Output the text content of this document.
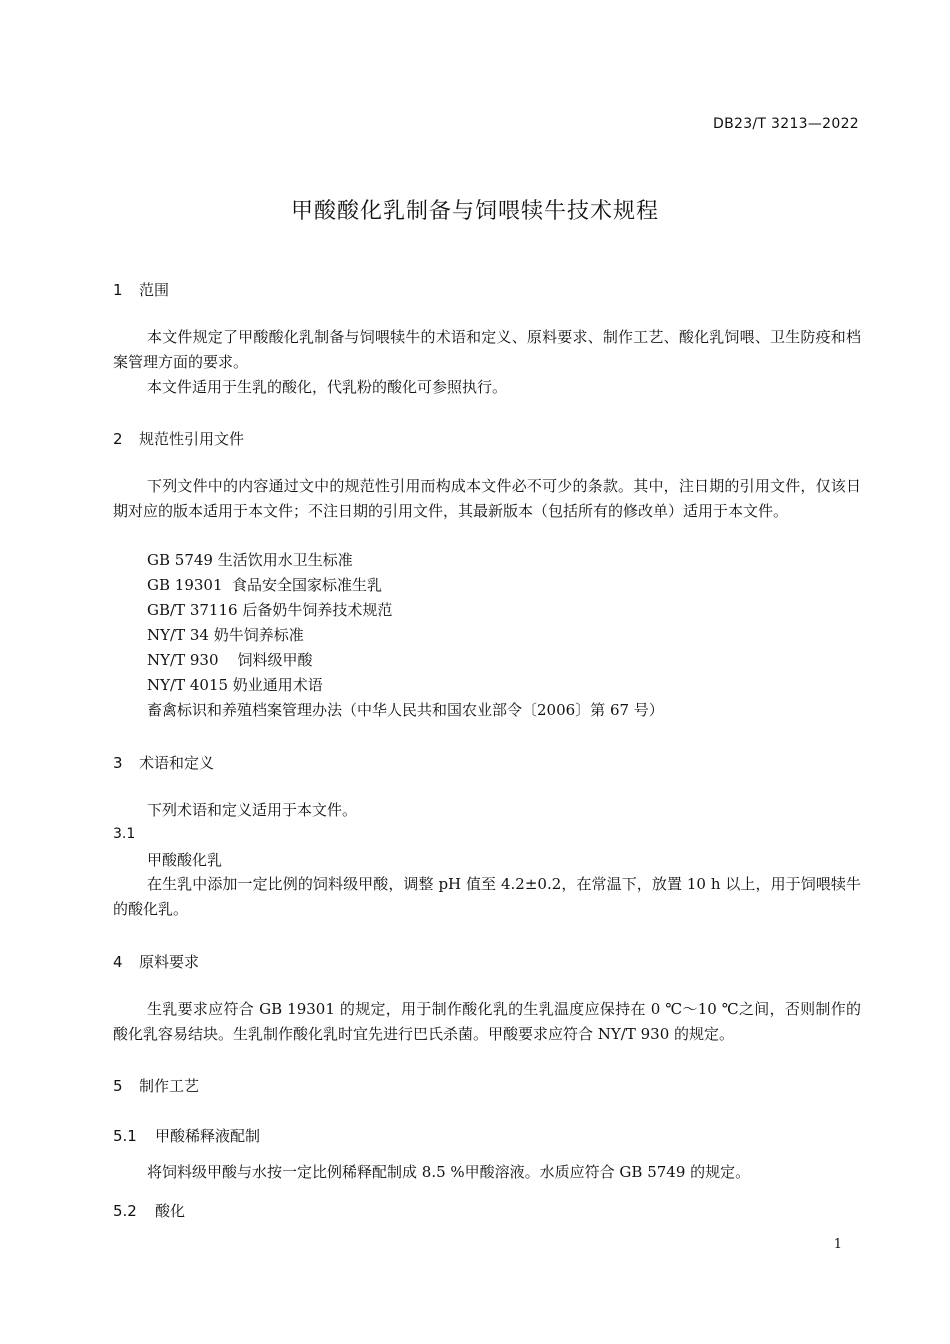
DB23/T 3213—2022
甲酸酸化乳制备与饲喂犊牛技术规程
1 范围
本文件规定了甲酸酸化乳制备与饲喂犊牛的术语和定义、原料要求、制作工艺、酸化乳饲喂、卫生防疫和档案管理方面的要求。
本文件适用于生乳的酸化，代乳粉的酸化可参照执行。
2 规范性引用文件
下列文件中的内容通过文中的规范性引用而构成本文件必不可少的条款。其中，注日期的引用文件，仅该日期对应的版本适用于本文件；不注日期的引用文件，其最新版本（包括所有的修改单）适用于本文件。
GB 5749 生活饮用水卫生标准
GB 19301  食品安全国家标准生乳
GB/T 37116 后备奶牛饲养技术规范
NY/T 34 奶牛饲养标准
NY/T 930    饲料级甲酸
NY/T 4015 奶业通用术语
畜禽标识和养殖档案管理办法（中华人民共和国农业部令〔2006〕第 67 号）
3 术语和定义
下列术语和定义适用于本文件。
3.1
甲酸酸化乳
在生乳中添加一定比例的饲料级甲酸，调整 pH 值至 4.2±0.2，在常温下，放置 10 h 以上，用于饲喂犊牛的酸化乳。
4 原料要求
生乳要求应符合 GB 19301 的规定，用于制作酸化乳的生乳温度应保持在 0 ℃～10 ℃之间，否则制作的酸化乳容易结块。生乳制作酸化乳时宜先进行巴氏杀菌。甲酸要求应符合 NY/T 930 的规定。
5 制作工艺
5.1 甲酸稀释液配制
将饲料级甲酸与水按一定比例稀释配制成 8.5 %甲酸溶液。水质应符合 GB 5749 的规定。
5.2 酸化
1
